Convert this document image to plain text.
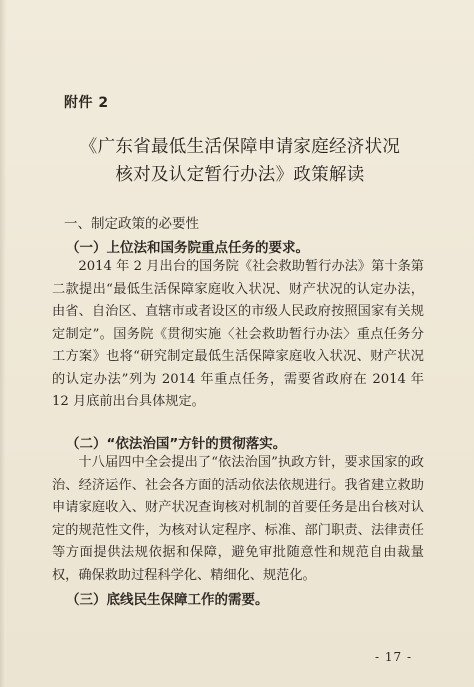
附件 2
《广东省最低生活保障申请家庭经济状况
核对及认定暂行办法》政策解读
一、制定政策的必要性
（一）上位法和国务院重点任务的要求。

2014 年 2 月出台的国务院《社会救助暂行办法》第十条第二款提出“最低生活保障家庭收入状况、财产状况的认定办法，由省、自治区、直辖市或者设区的市级人民政府按照国家有关规定制定”。国务院《贯彻实施〈社会救助暂行办法〉重点任务分工方案》也将“研究制定最低生活保障家庭收入状况、财产状况的认定办法”列为 2014 年重点任务，需要省政府在 2014 年 12 月底前出台具体规定。

（二）“依法治国”方针的贯彻落实。

十八届四中全会提出了“依法治国”执政方针，要求国家的政治、经济运作、社会各方面的活动依法依规进行。我省建立救助申请家庭收入、财产状况查询核对机制的首要任务是出台核对认定的规范性文件，为核对认定程序、标准、部门职责、法律责任等方面提供法规依据和保障，避免审批随意性和规范自由裁量权，确保救助过程科学化、精细化、规范化。

（三）底线民生保障工作的需要。
- 17 -
